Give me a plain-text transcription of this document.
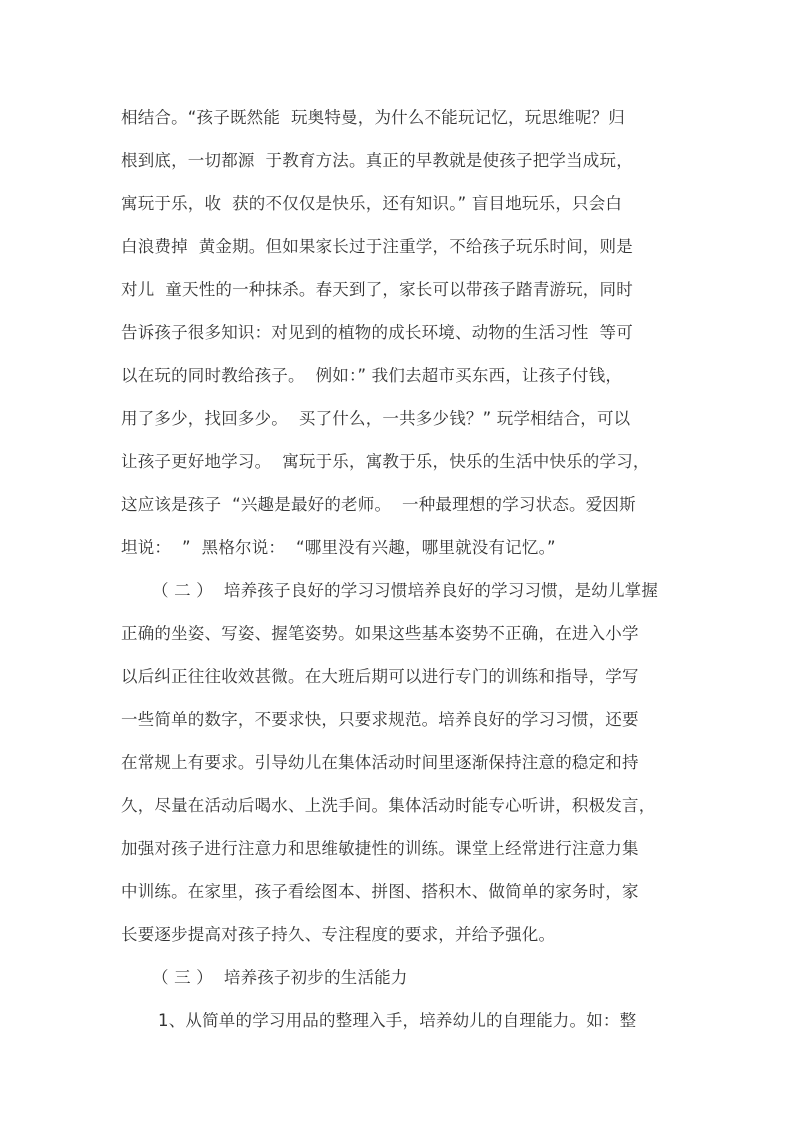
相结合。“孩子既然能  玩奥特曼，为什么不能玩记忆，玩思维呢？归
根到底，一切都源  于教育方法。真正的早教就是使孩子把学当成玩，
寓玩于乐，收  获的不仅仅是快乐，还有知识。” 盲目地玩乐，只会白
白浪费掉  黄金期。但如果家长过于注重学，不给孩子玩乐时间，则是
对儿  童天性的一种抹杀。春天到了，家长可以带孩子踏青游玩，同时
告诉孩子很多知识：对见到的植物的成长环境、动物的生活习性  等可
以在玩的同时教给孩子。  例如：” 我们去超市买东西，让孩子付钱，
用了多少，找回多少。  买了什么，一共多少钱？” 玩学相结合，可以
让孩子更好地学习。  寓玩于乐，寓教于乐，快乐的生活中快乐的学习，
这应该是孩子  “兴趣是最好的老师。  一种最理想的学习状态。爱因斯
坦说：  ”  黑格尔说：  “哪里没有兴趣，哪里就没有记忆。”
（ 二 ）  培养孩子良好的学习习惯培养良好的学习习惯，是幼儿掌握
正确的坐姿、写姿、握笔姿势。如果这些基本姿势不正确，在进入小学
以后纠正往往收效甚微。在大班后期可以进行专门的训练和指导，学写
一些简单的数字，不要求快，只要求规范。培养良好的学习习惯，还要
在常规上有要求。引导幼儿在集体活动时间里逐渐保持注意的稳定和持
久，尽量在活动后喝水、上洗手间。集体活动时能专心听讲，积极发言，
加强对孩子进行注意力和思维敏捷性的训练。课堂上经常进行注意力集
中训练。在家里，孩子看绘图本、拼图、搭积木、做简单的家务时，家
长要逐步提高对孩子持久、专注程度的要求，并给予强化。
（ 三 ）  培养孩子初步的生活能力
1、从简单的学习用品的整理入手，培养幼儿的自理能力。如：整
